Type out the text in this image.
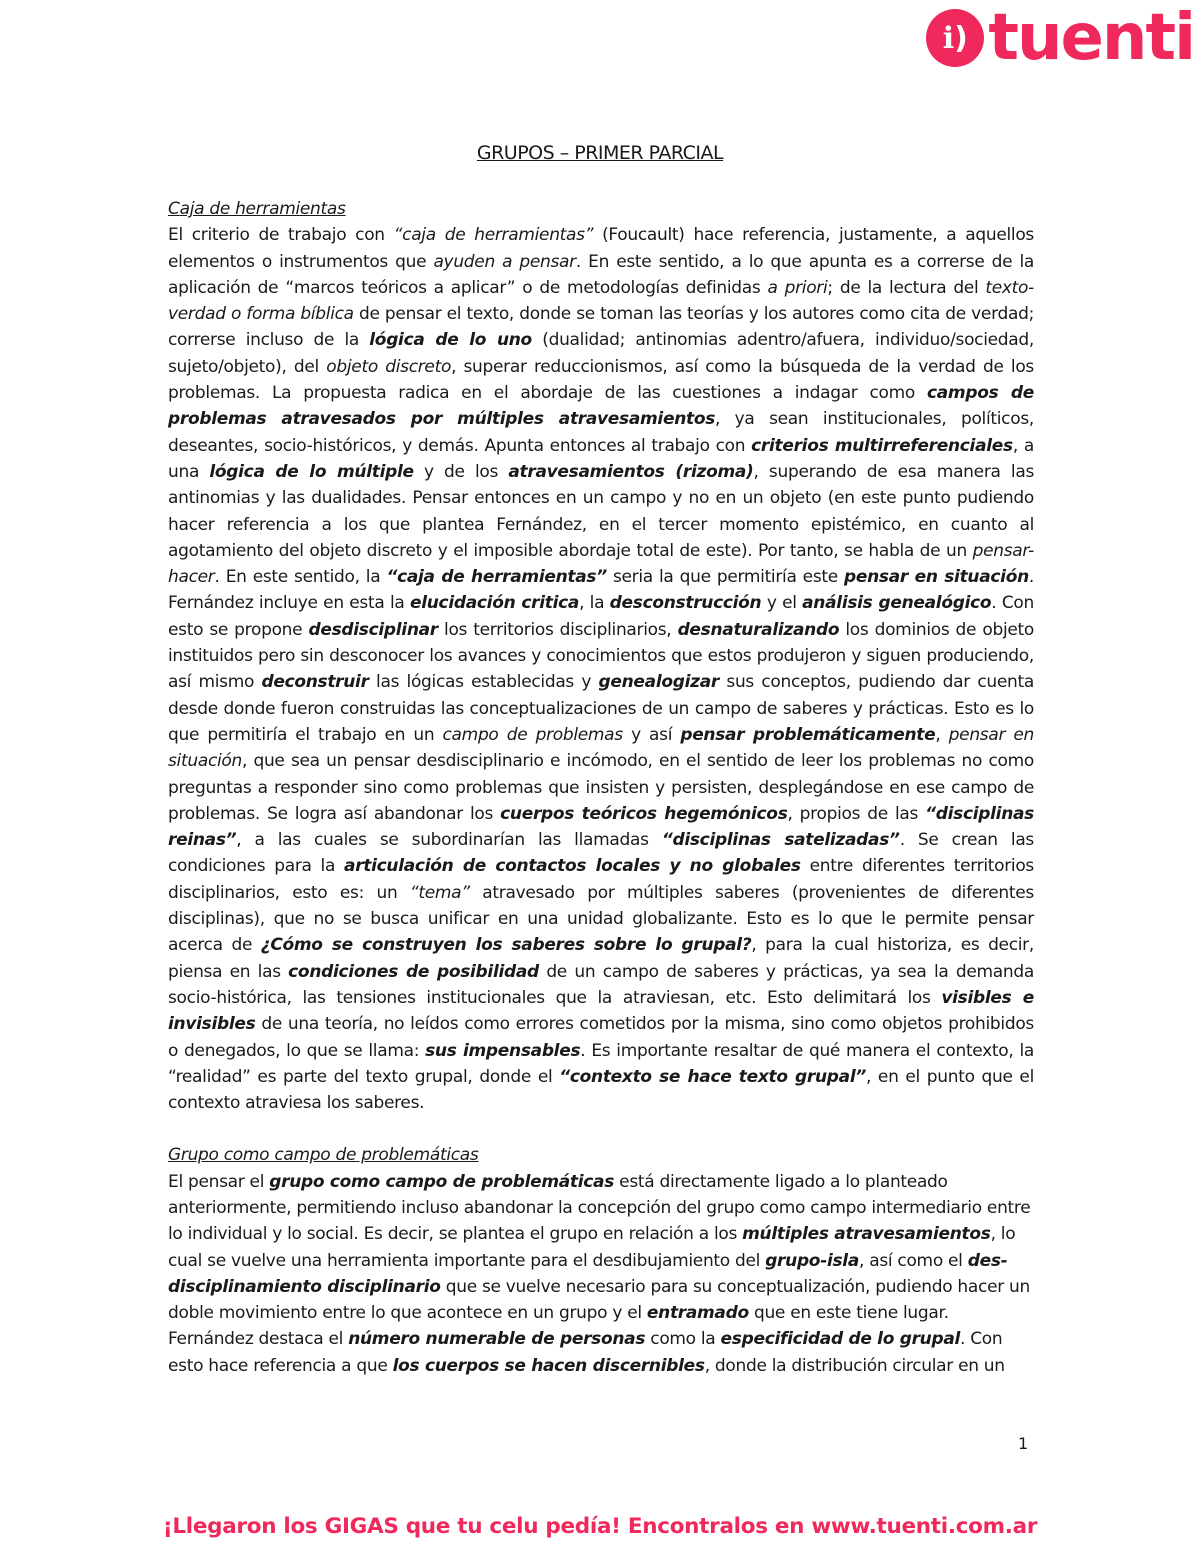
ℹ) tuenti
GRUPOS – PRIMER PARCIAL
Caja de herramientas

El criterio de trabajo con “caja de herramientas” (Foucault) hace referencia, justamente, a aquellos elementos o instrumentos que ayuden a pensar. En este sentido, a lo que apunta es a correrse de la aplicación de “marcos teóricos a aplicar” o de metodologías definidas a priori; de la lectura del texto-verdad o forma bíblica de pensar el texto, donde se toman las teorías y los autores como cita de verdad; correrse incluso de la lógica de lo uno (dualidad; antinomias adentro/afuera, individuo/sociedad, sujeto/objeto), del objeto discreto, superar reduccionismos, así como la búsqueda de la verdad de los problemas. La propuesta radica en el abordaje de las cuestiones a indagar como campos de problemas atravesados por múltiples atravesamientos, ya sean institucionales, políticos, deseantes, socio-históricos, y demás. Apunta entonces al trabajo con criterios multirreferenciales, a una lógica de lo múltiple y de los atravesamientos (rizoma), superando de esa manera las antinomias y las dualidades. Pensar entonces en un campo y no en un objeto (en este punto pudiendo hacer referencia a los que plantea Fernández, en el tercer momento epistémico, en cuanto al agotamiento del objeto discreto y el imposible abordaje total de este). Por tanto, se habla de un pensar-hacer. En este sentido, la “caja de herramientas” seria la que permitiría este pensar en situación. Fernández incluye en esta la elucidación critica, la desconstrucción y el análisis genealógico. Con esto se propone desdisciplinar los territorios disciplinarios, desnaturalizando los dominios de objeto instituidos pero sin desconocer los avances y conocimientos que estos produjeron y siguen produciendo, así mismo deconstruir las lógicas establecidas y genealogizar sus conceptos, pudiendo dar cuenta desde donde fueron construidas las conceptualizaciones de un campo de saberes y prácticas. Esto es lo que permitiría el trabajo en un campo de problemas y así pensar problemáticamente, pensar en situación, que sea un pensar desdisciplinario e incómodo, en el sentido de leer los problemas no como preguntas a responder sino como problemas que insisten y persisten, desplegándose en ese campo de problemas. Se logra así abandonar los cuerpos teóricos hegemónicos, propios de las “disciplinas reinas”, a las cuales se subordinarían las llamadas “disciplinas satelizadas”. Se crean las condiciones para la articulación de contactos locales y no globales entre diferentes territorios disciplinarios, esto es: un “tema” atravesado por múltiples saberes (provenientes de diferentes disciplinas), que no se busca unificar en una unidad globalizante. Esto es lo que le permite pensar acerca de ¿Cómo se construyen los saberes sobre lo grupal?, para la cual historiza, es decir, piensa en las condiciones de posibilidad de un campo de saberes y prácticas, ya sea la demanda socio-histórica, las tensiones institucionales que la atraviesan, etc. Esto delimitará los visibles e invisibles de una teoría, no leídos como errores cometidos por la misma, sino como objetos prohibidos o denegados, lo que se llama: sus impensables. Es importante resaltar de qué manera el contexto, la “realidad” es parte del texto grupal, donde el “contexto se hace texto grupal”, en el punto que el contexto atraviesa los saberes.

Grupo como campo de problemáticas

El pensar el grupo como campo de problemáticas está directamente ligado a lo planteado anteriormente, permitiendo incluso abandonar la concepción del grupo como campo intermediario entre lo individual y lo social. Es decir, se plantea el grupo en relación a los múltiples atravesamientos, lo cual se vuelve una herramienta importante para el desdibujamiento del grupo-isla, así como el des-disciplinamiento disciplinario que se vuelve necesario para su conceptualización, pudiendo hacer un doble movimiento entre lo que acontece en un grupo y el entramado que en este tiene lugar.

Fernández destaca el número numerable de personas como la especificidad de lo grupal. Con esto hace referencia a que los cuerpos se hacen discernibles, donde la distribución circular en un

1
¡Llegaron los GIGAS que tu celu pedía! Encontralos en www.tuenti.com.ar
